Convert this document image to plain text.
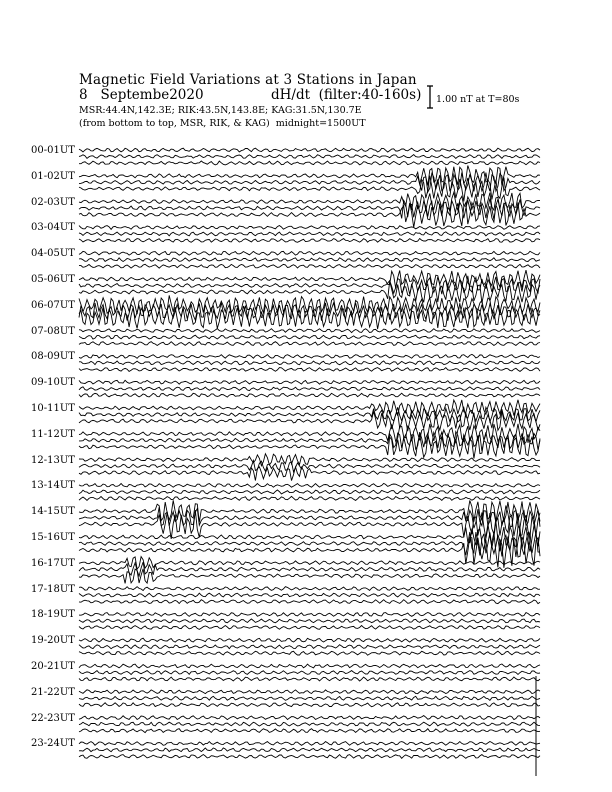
Magnetic Field Variations at 3 Stations in Japan
8 Septembe2020	dH/dt (filter:40-160s)
MSR:44.4N,142.3E; RIK:43.5N,143.8E; KAG:31.5N,130.7E
(from bottom to top, MSR, RIK, & KAG) midnight=1500UT
1.00 nT at T=80s
00-01UT
01-02UT
02-03UT
03-04UT
04-05UT
05-06UT
06-07UT
07-08UT
08-09UT
09-10UT
10-11UT
11-12UT
12-13UT
13-14UT
14-15UT
15-16UT
16-17UT
17-18UT
18-19UT
19-20UT
20-21UT
21-22UT
22-23UT
23-24UT
